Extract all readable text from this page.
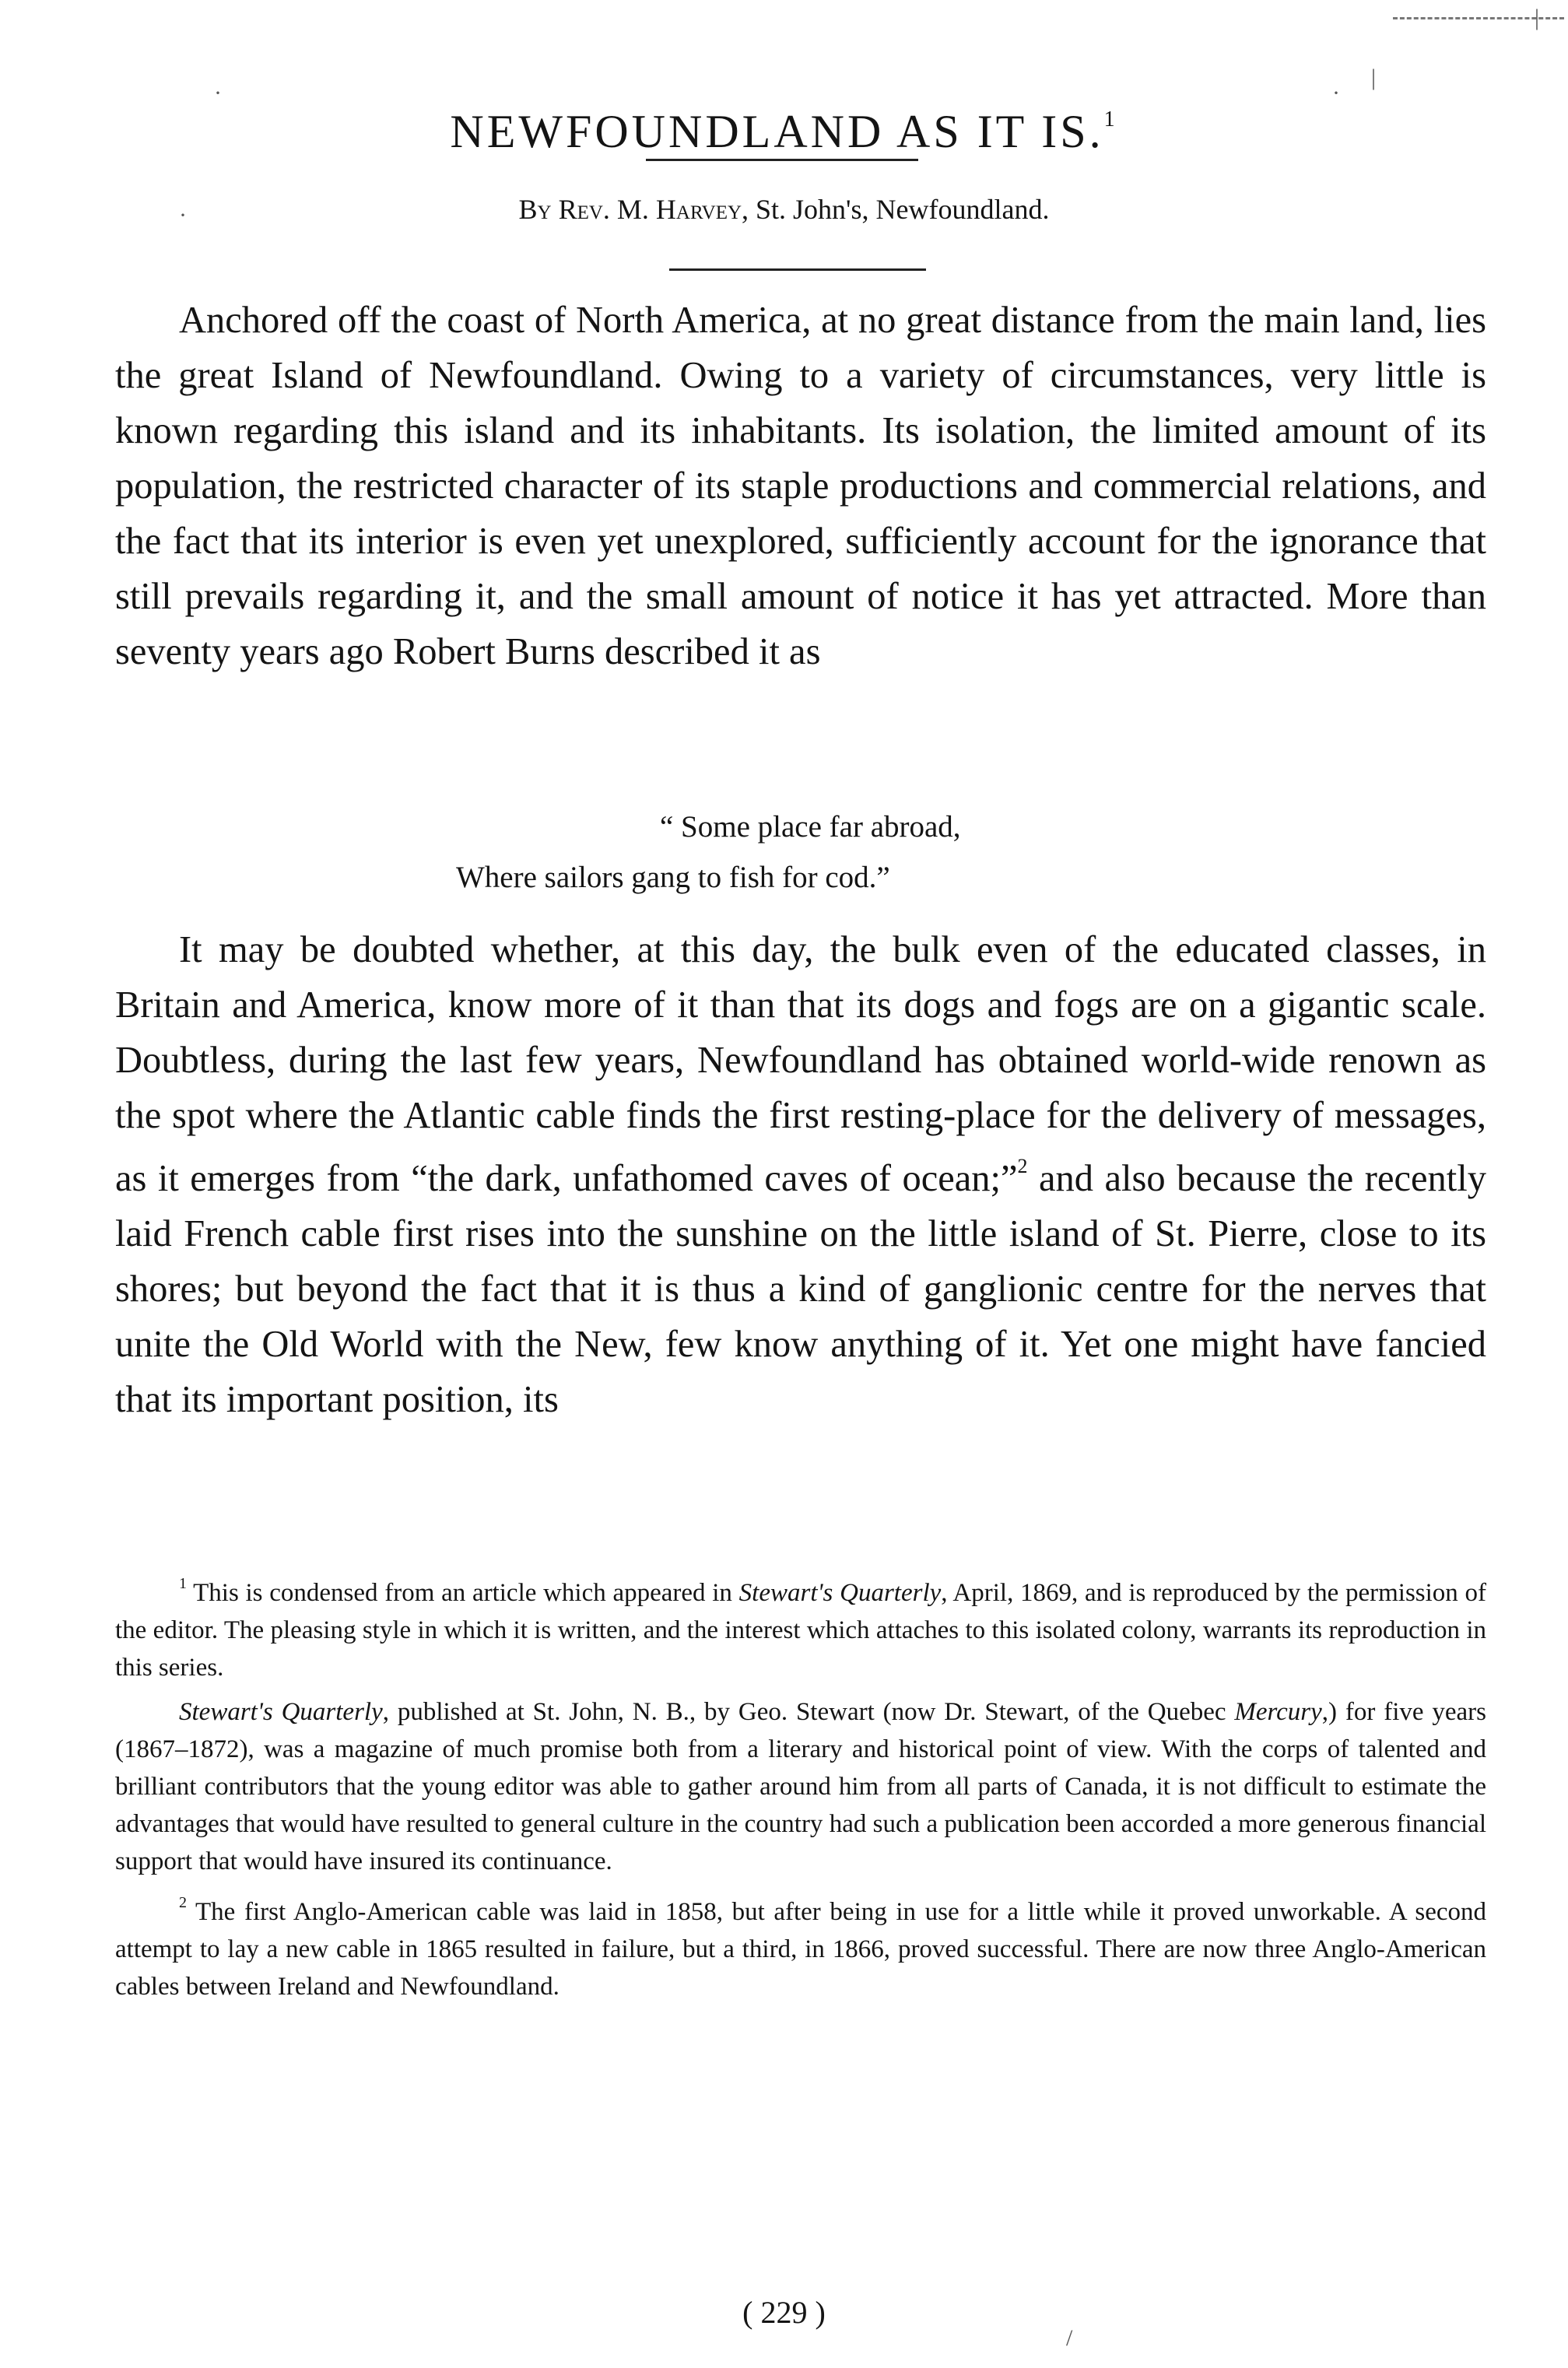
|
|
·	·
·
/
NEWFOUNDLAND AS IT IS.$^1$
By Rev. M. Harvey, St. John's, Newfoundland.

Anchored off the coast of North America, at no great distance from the main land, lies the great Island of Newfoundland. Owing to a variety of circumstances, very little is known regarding this island and its inhabitants. Its isolation, the limited amount of its population, the restricted character of its staple productions and commercial relations, and the fact that its interior is even yet unexplored, sufficiently account for the ignorance that still prevails regarding it, and the small amount of notice it has yet attracted. More than seventy years ago Robert Burns described it as

“ Some place far abroad,
Where sailors gang to fish for cod.”

It may be doubted whether, at this day, the bulk even of the educated classes, in Britain and America, know more of it than that its dogs and fogs are on a gigantic scale. Doubtless, during the last few years, Newfoundland has obtained world-wide renown as the spot where the Atlantic cable finds the first resting-place for the delivery of messages, as it emerges from “the dark, unfathomed caves of ocean;”$^2$ and also because the recently laid French cable first rises into the sunshine on the little island of St. Pierre, close to its shores; but beyond the fact that it is thus a kind of ganglionic centre for the nerves that unite the Old World with the New, few know anything of it. Yet one might have fancied that its important position, its

$^1$ This is condensed from an article which appeared in Stewart's Quarterly, April, 1869, and is reproduced by the permission of the editor. The pleasing style in which it is written, and the interest which attaches to this isolated colony, warrants its reproduction in this series.

Stewart's Quarterly, published at St. John, N. B., by Geo. Stewart (now Dr. Stewart, of the Quebec Mercury,) for five years (1867–1872), was a magazine of much promise both from a literary and historical point of view. With the corps of talented and brilliant contributors that the young editor was able to gather around him from all parts of Canada, it is not difficult to estimate the advantages that would have resulted to general culture in the country had such a publication been accorded a more generous financial support that would have insured its continuance.

$^2$ The first Anglo-American cable was laid in 1858, but after being in use for a little while it proved unworkable. A second attempt to lay a new cable in 1865 resulted in failure, but a third, in 1866, proved successful. There are now three Anglo-American cables between Ireland and Newfoundland.

( 229 )
